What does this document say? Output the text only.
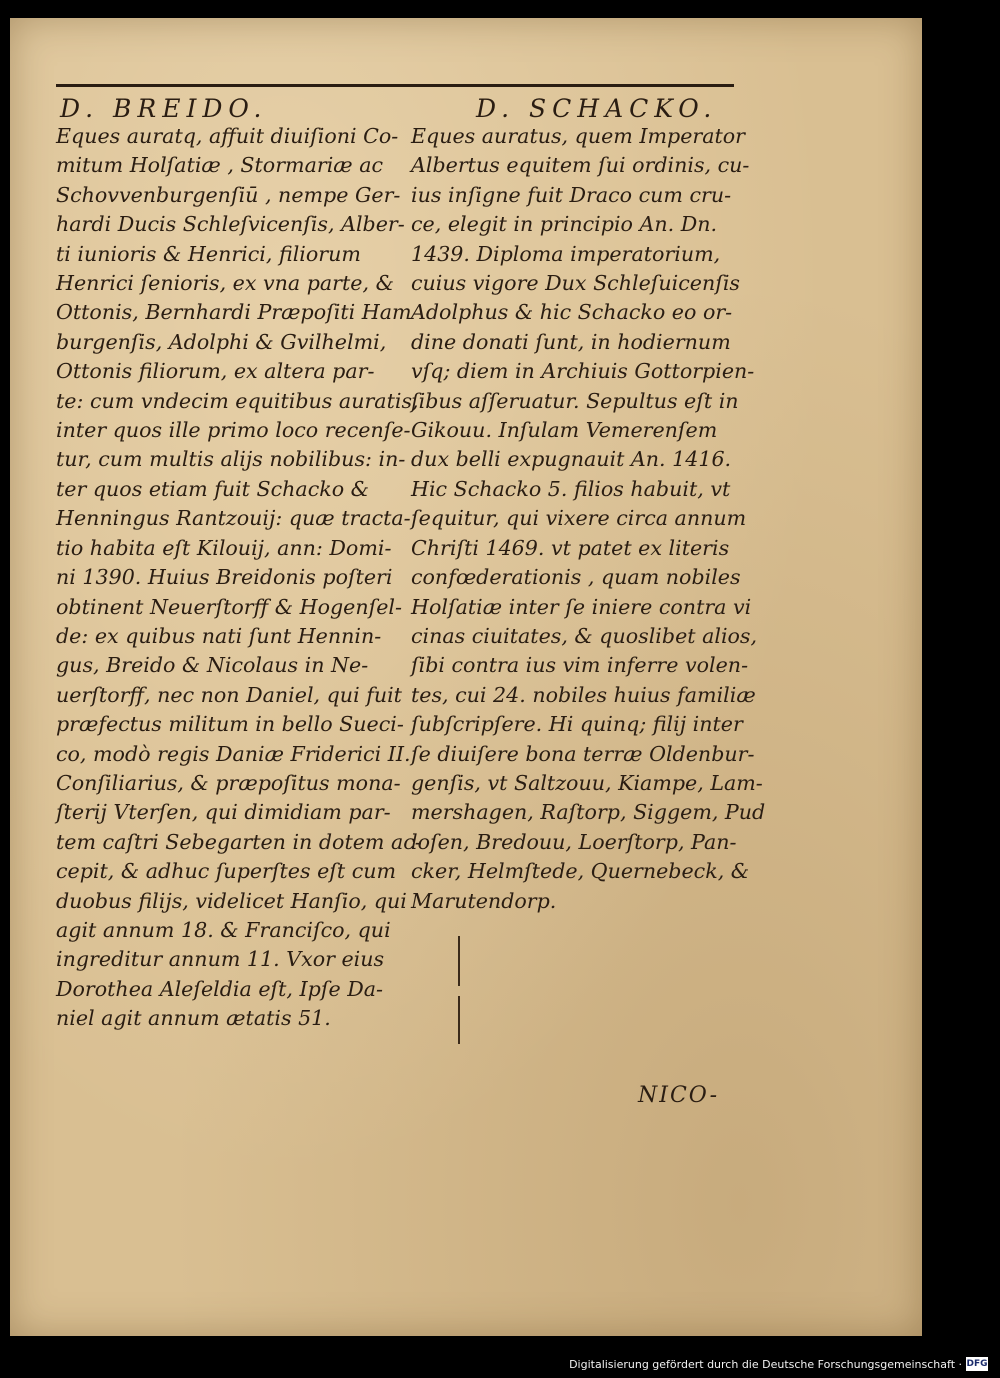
D. BREIDO.	D. SCHACKO.
Eques auratq, affuit diuiſioni Co-
mitum Holſatiæ , Stormariæ ac
Schovvenburgenſiū , nempe Ger-
hardi Ducis Schleſvicenſis, Alber-
ti iunioris & Henrici, filiorum
Henrici ſenioris, ex vna parte, &
Ottonis, Bernhardi Præpoſiti Ham
burgenſis, Adolphi & Gvilhelmi,
Ottonis filiorum, ex altera par-
te: cum vndecim equitibus auratis,
inter quos ille primo loco recenſe-
tur, cum multis alijs nobilibus: in-
ter quos etiam fuit Schacko &
Henningus Rantzouij: quæ tracta-
tio habita eſt Kilouij, ann: Domi-
ni 1390. Huius Breidonis poſteri
obtinent Neuerſtorff & Hogenſel-
de: ex quibus nati ſunt Hennin-
gus, Breido & Nicolaus in Ne-
uerſtorff, nec non Daniel, qui fuit
præfectus militum in bello Sueci-
co, modò regis Daniæ Friderici II.
Conſiliarius, & præpoſitus mona-
ſterij Vterſen, qui dimidiam par-
tem caſtri Sebegarten in dotem ac-
cepit, & adhuc ſuperſtes eſt cum
duobus filijs, videlicet Hanſio, qui
agit annum 18. & Franciſco, qui
ingreditur annum 11. Vxor eius
Dorothea Aleſeldia eſt, Ipſe Da-
niel agit annum ætatis 51.
Eques auratus, quem Imperator
Albertus equitem ſui ordinis, cu-
ius inſigne fuit Draco cum cru-
ce, elegit in principio An. Dn.
1439. Diploma imperatorium,
cuius vigore Dux Schleſuicenſis
Adolphus & hic Schacko eo or-
dine donati ſunt, in hodiernum
vſq; diem in Archiuis Gottorpien-
ſibus aſſeruatur. Sepultus eſt in
Gikouu. Inſulam Vemerenſem
dux belli expugnauit An. 1416.
Hic Schacko 5. filios habuit, vt
ſequitur, qui vixere circa annum
Chriſti 1469. vt patet ex literis
confœderationis , quam nobiles
Holſatiæ inter ſe iniere contra vi
cinas ciuitates, & quoslibet alios,
ſibi contra ius vim inferre volen-
tes, cui 24. nobiles huius familiæ
ſubſcripſere. Hi quinq; filij inter
ſe diuiſere bona terræ Oldenbur-
genſis, vt Saltzouu, Kiampe, Lam-
mershagen, Raſtorp, Siggem, Pud
loſen, Bredouu, Loerſtorp, Pan-
cker, Helmſtede, Quernebeck, &
Marutendorp.
NICO-
Digitalisierung gefördert durch die Deutsche Forschungsgemeinschaft · DFG
